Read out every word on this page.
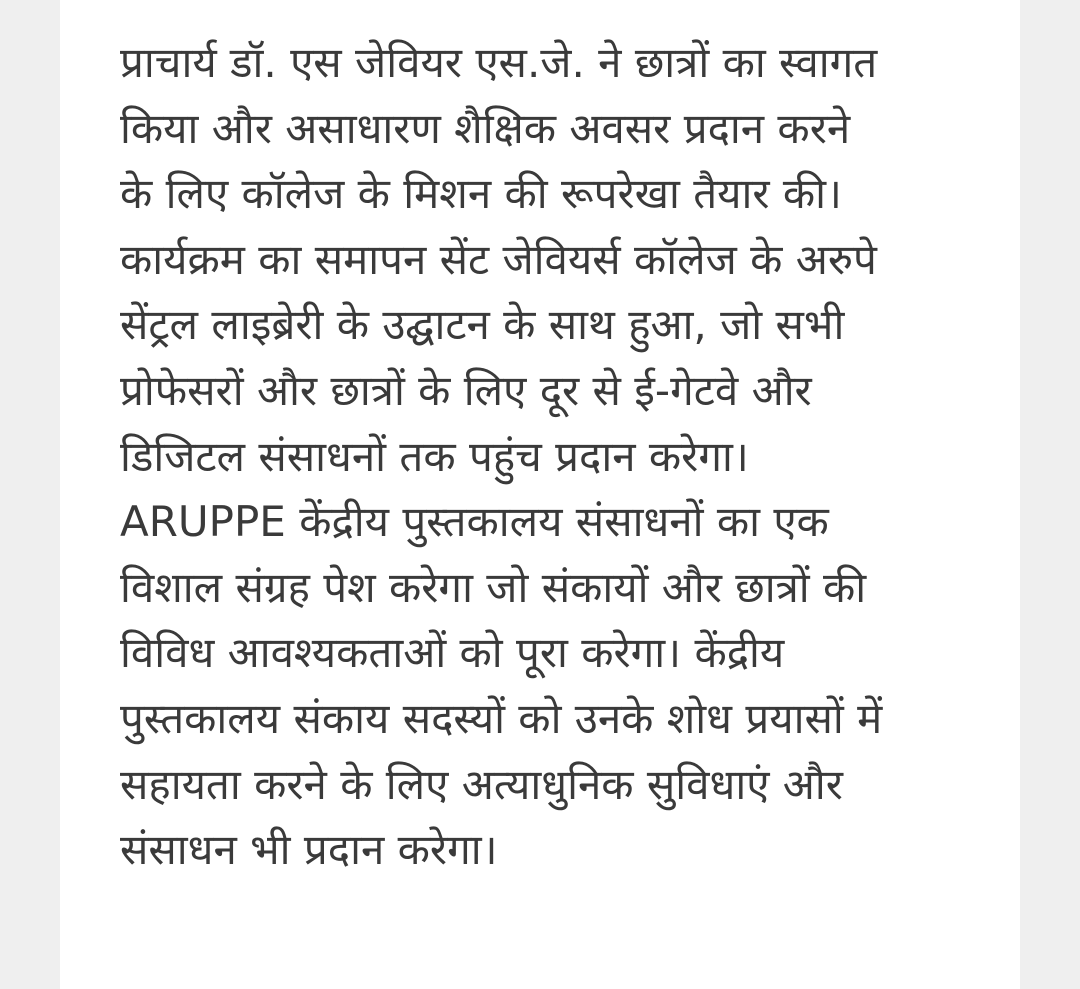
प्राचार्य डॉ. एस जेवियर एस.जे. ने छात्रों का स्वागत
किया और असाधारण शैक्षिक अवसर प्रदान करने
के लिए कॉलेज के मिशन की रूपरेखा तैयार की।
कार्यक्रम का समापन सेंट जेवियर्स कॉलेज के अरुपे
सेंट्रल लाइब्रेरी के उद्घाटन के साथ हुआ, जो सभी
प्रोफेसरों और छात्रों के लिए दूर से ई-गेटवे और
डिजिटल संसाधनों तक पहुंच प्रदान करेगा।
ARUPPE केंद्रीय पुस्तकालय संसाधनों का एक
विशाल संग्रह पेश करेगा जो संकायों और छात्रों की
विविध आवश्यकताओं को पूरा करेगा। केंद्रीय
पुस्तकालय संकाय सदस्यों को उनके शोध प्रयासों में
सहायता करने के लिए अत्याधुनिक सुविधाएं और
संसाधन भी प्रदान करेगा।
